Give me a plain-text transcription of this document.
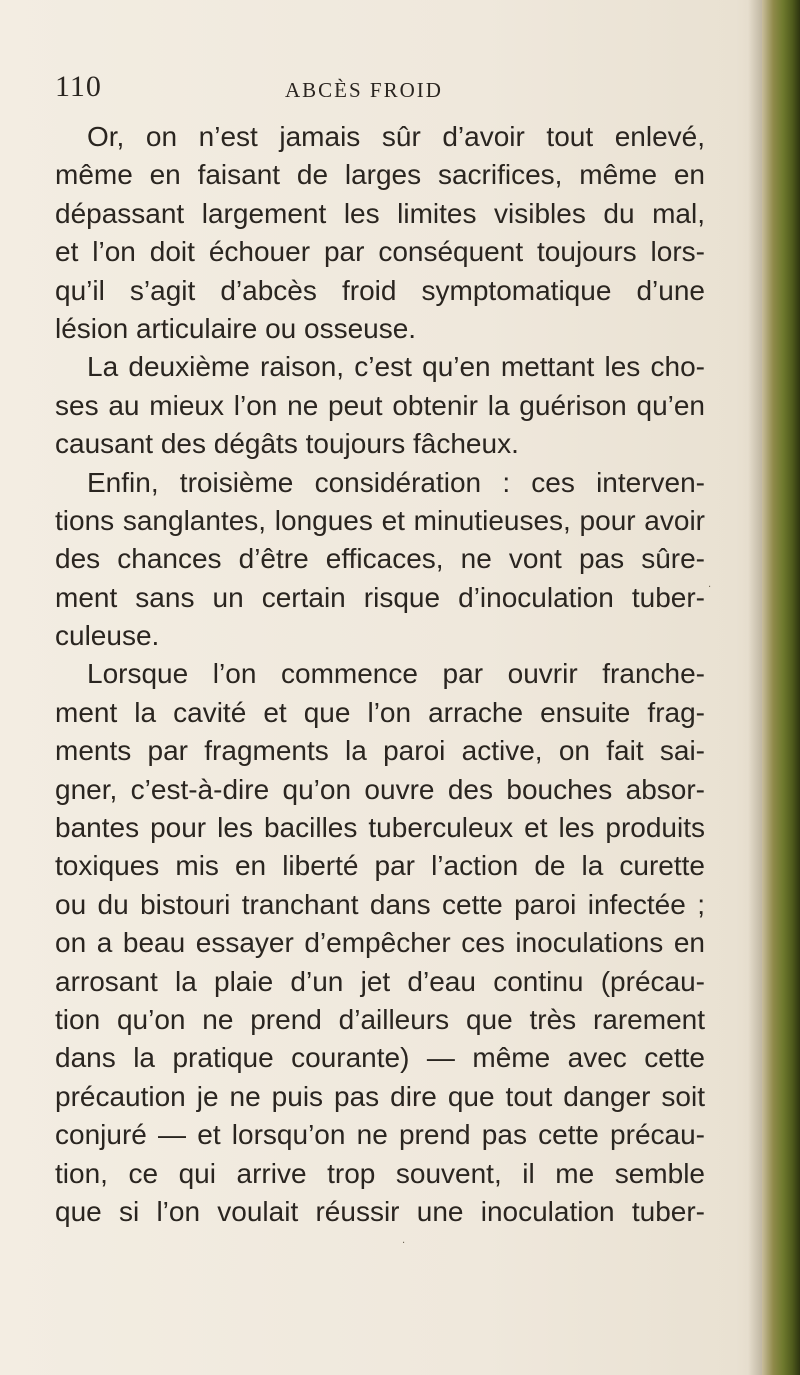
110	ABCÈS FROID
Or, on n’est jamais sûr d’avoir tout enlevé,
même en faisant de larges sacrifices, même en
dépassant largement les limites visibles du mal,
et l’on doit échouer par conséquent toujours lors-
qu’il s’agit d’abcès froid symptomatique d’une
lésion articulaire ou osseuse.
La deuxième raison, c’est qu’en mettant les cho-
ses au mieux l’on ne peut obtenir la guérison qu’en
causant des dégâts toujours fâcheux.
Enfin, troisième considération : ces interven-
tions sanglantes, longues et minutieuses, pour avoir
des chances d’être efficaces, ne vont pas sûre-
ment sans un certain risque d’inoculation tuber-
culeuse.
Lorsque l’on commence par ouvrir franche-
ment la cavité et que l’on arrache ensuite frag-
ments par fragments la paroi active, on fait sai-
gner, c’est-à-dire qu’on ouvre des bouches absor-
bantes pour les bacilles tuberculeux et les produits
toxiques mis en liberté par l’action de la curette
ou du bistouri tranchant dans cette paroi infectée ;
on a beau essayer d’empêcher ces inoculations en
arrosant la plaie d’un jet d’eau continu (précau-
tion qu’on ne prend d’ailleurs que très rarement
dans la pratique courante) — même avec cette
précaution je ne puis pas dire que tout danger soit
conjuré — et lorsqu’on ne prend pas cette précau-
tion, ce qui arrive trop souvent, il me semble
que si l’on voulait réussir une inoculation tuber-
·
·
